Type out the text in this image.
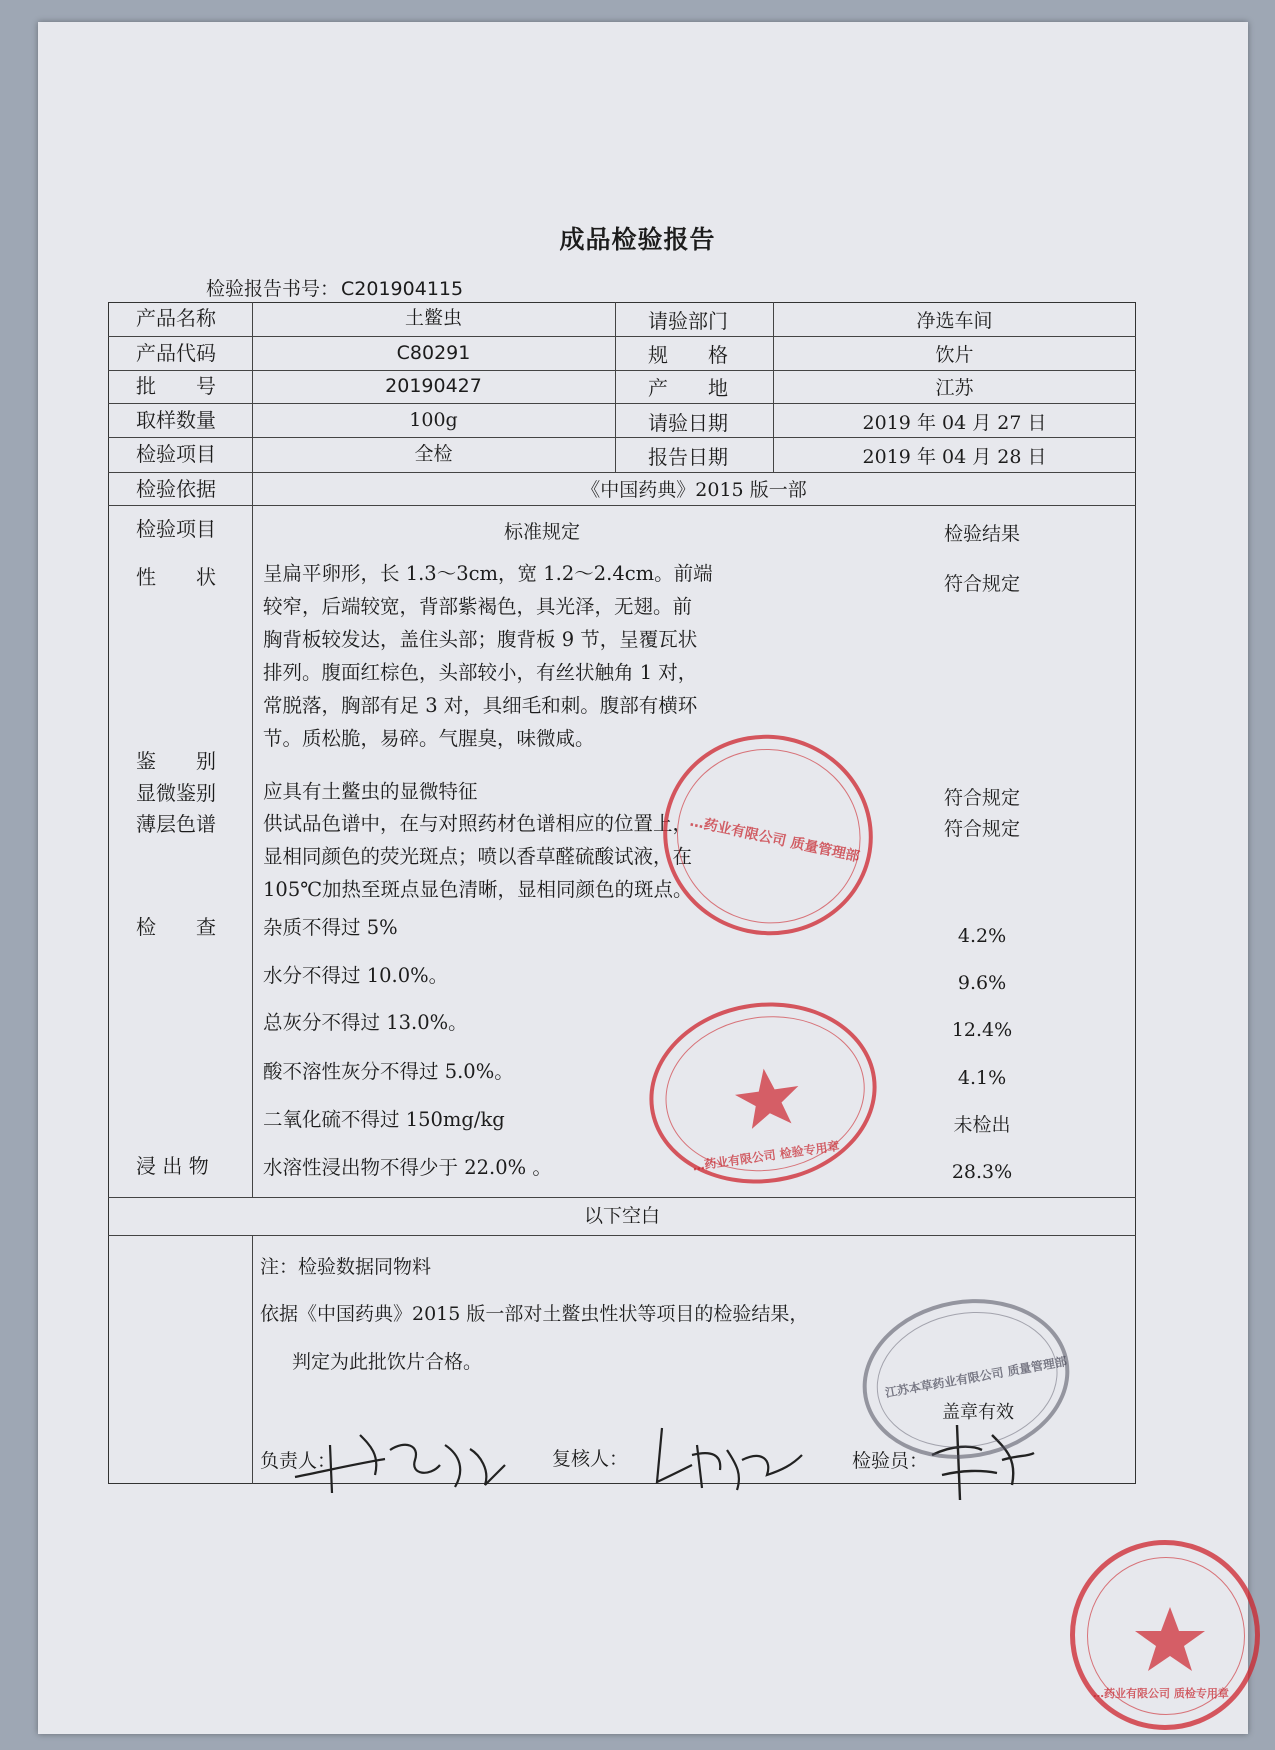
成品检验报告
检验报告书号： C201904115
产品名称	土鳖虫	请验部门	净选车间
产品代码	C80291	规　　格	饮片
批　　号	20190427	产　　地	江苏
取样数量	100g	请验日期	2019 年 04 月 27 日
检验项目	全检	报告日期	2019 年 04 月 28 日
检验依据	《中国药典》2015 版一部
检验项目	标准规定	检验结果
性　　状 呈扁平卵形，长 1.3～3cm，宽 1.2～2.4cm。前端

较窄，后端较宽，背部紫褐色，具光泽，无翅。前

胸背板较发达，盖住头部；腹背板 9 节，呈覆瓦状

排列。腹面红棕色，头部较小，有丝状触角 1 对，

常脱落，胸部有足 3 对，具细毛和刺。腹部有横环

节。质松脆，易碎。气腥臭，味微咸。

符合规定
鉴　　别
显微鉴别 应具有土鳖虫的显微特征	符合规定
薄层色谱 供试品色谱中，在与对照药材色谱相应的位置上，

显相同颜色的荧光斑点；喷以香草醛硫酸试液，在

105℃加热至斑点显色清晰，显相同颜色的斑点。

符合规定
检　　查 杂质不得过 5%	4.2%
水分不得过 10.0%。	9.6%
总灰分不得过 13.0%。	12.4%
酸不溶性灰分不得过 5.0%。	4.1%
二氧化硫不得过 150mg/kg	未检出
浸 出 物	水溶性浸出物不得少于 22.0% 。	28.3%
以下空白
注：检验数据同物料
依据《中国药典》2015 版一部对土鳖虫性状等项目的检验结果，
判定为此批饮片合格。
盖章有效
负责人：	复核人：	检验员：
…药业有限公司 质量管理部
…药业有限公司 检验专用章
江苏本草药业有限公司 质量管理部
…药业有限公司 质检专用章
